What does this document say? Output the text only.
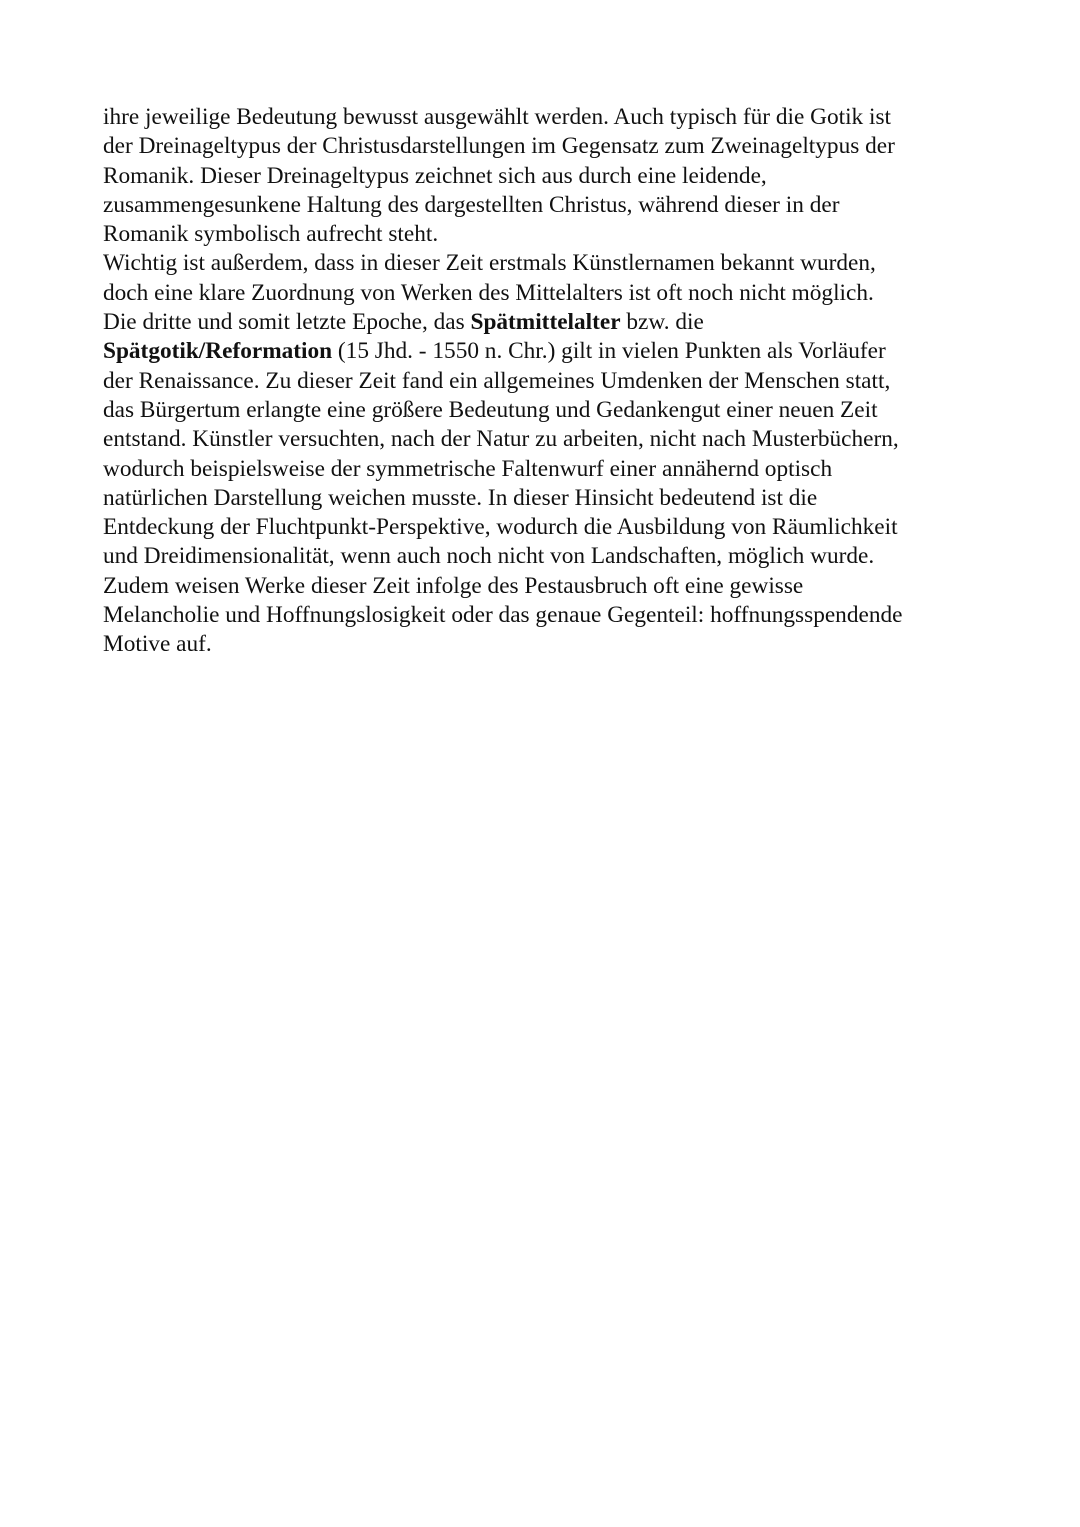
ihre jeweilige Bedeutung bewusst ausgewählt werden. Auch typisch für die Gotik ist
der Dreinageltypus der Christusdarstellungen im Gegensatz zum Zweinageltypus der
Romanik. Dieser Dreinageltypus zeichnet sich aus durch eine leidende,
zusammengesunkene Haltung des dargestellten Christus, während dieser in der
Romanik symbolisch aufrecht steht.
Wichtig ist außerdem, dass in dieser Zeit erstmals Künstlernamen bekannt wurden,
doch eine klare Zuordnung von Werken des Mittelalters ist oft noch nicht möglich.
Die dritte und somit letzte Epoche, das Spätmittelalter bzw. die
Spätgotik/Reformation (15 Jhd. - 1550 n. Chr.) gilt in vielen Punkten als Vorläufer
der Renaissance. Zu dieser Zeit fand ein allgemeines Umdenken der Menschen statt,
das Bürgertum erlangte eine größere Bedeutung und Gedankengut einer neuen Zeit
entstand. Künstler versuchten, nach der Natur zu arbeiten, nicht nach Musterbüchern,
wodurch beispielsweise der symmetrische Faltenwurf einer annähernd optisch
natürlichen Darstellung weichen musste. In dieser Hinsicht bedeutend ist die
Entdeckung der Fluchtpunkt-Perspektive, wodurch die Ausbildung von Räumlichkeit
und Dreidimensionalität, wenn auch noch nicht von Landschaften, möglich wurde.
Zudem weisen Werke dieser Zeit infolge des Pestausbruch oft eine gewisse
Melancholie und Hoffnungslosigkeit oder das genaue Gegenteil: hoffnungsspendende
Motive auf.
